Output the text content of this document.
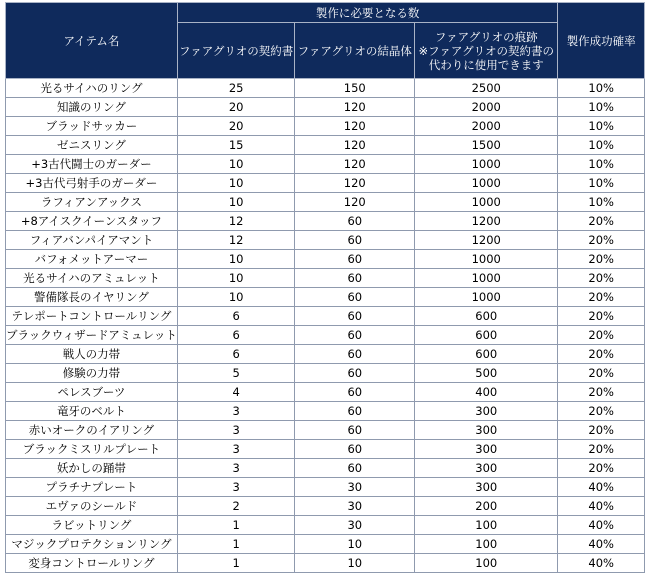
アイテム名	製作に必要となる数			製作成功確率
	ファアグリオの契約書	ファアグリオの結晶体	ファアグリオの痕跡
※ファアグリオの契約書の
代わりに使用できます	

光るサイハのリング	25	150	2500	10%
知識のリング	20	120	2000	10%
ブラッドサッカー	20	120	2000	10%
ゼニスリング	15	120	1500	10%
+3古代闘士のガーダー	10	120	1000	10%
+3古代弓射手のガーダー	10	120	1000	10%
ラフィアンアックス	10	120	1000	10%
+8アイスクイーンスタッフ	12	60	1200	20%
フィアバンパイアマント	12	60	1200	20%
バフォメットアーマー	10	60	1000	20%
光るサイハのアミュレット	10	60	1000	20%
警備隊長のイヤリング	10	60	1000	20%
テレポートコントロールリング	6	60	600	20%
ブラックウィザードアミュレット	6	60	600	20%
戦人の力帯	6	60	600	20%
修験の力帯	5	60	500	20%
ペレスブーツ	4	60	400	20%
竜牙のベルト	3	60	300	20%
赤いオークのイアリング	3	60	300	20%
ブラックミスリルプレート	3	60	300	20%
妖かしの踊帯	3	60	300	20%
プラチナプレート	3	30	300	40%
エヴァのシールド	2	30	200	40%
ラビットリング	1	30	100	40%
マジックプロテクションリング	1	10	100	40%
変身コントロールリング	1	10	100	40%
